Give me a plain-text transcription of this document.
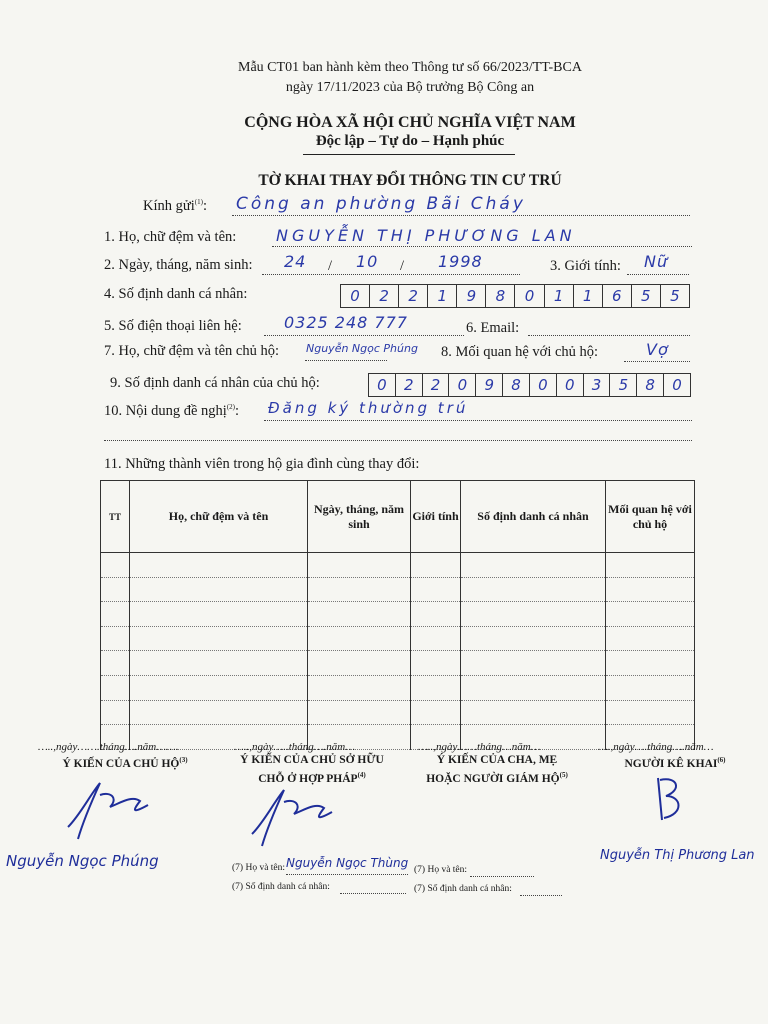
Mẫu CT01 ban hành kèm theo Thông tư số 66/2023/TT-BCA
ngày 17/11/2023 của Bộ trưởng Bộ Công an
CỘNG HÒA XÃ HỘI CHỦ NGHĨA VIỆT NAM
Độc lập – Tự do – Hạnh phúc
TỜ KHAI THAY ĐỔI THÔNG TIN CƯ TRÚ
Kính gửi$^{(1)}$: Công an phường Bãi Cháy
1. Họ, chữ đệm và tên: NGUYỄN THỊ PHƯƠNG LAN
2. Ngày, tháng, năm sinh: 24 / 10 / 1998	3. Giới tính: Nữ
4. Số định danh cá nhân:	0	2	2	1	9	8	0	1	1	6	5	5
5. Số điện thoại liên hệ:	0325 248 777	6. Email:
7. Họ, chữ đệm và tên chủ hộ: Nguyễn Ngọc Phúng 8. Mối quan hệ với chủ hộ:	Vợ
9. Số định danh cá nhân của chủ hộ:	0	2	2	0	9	8	0	0	3	5	8	0
10. Nội dung đề nghị$^{(2)}$: Đăng ký thường trú
11. Những thành viên trong hộ gia đình cùng thay đổi:
TT	Họ, chữ đệm và tên	Ngày, tháng, năm sinh	Giới tính	Số định danh cá nhân	Mối quan hệ với chủ hộ

…..,ngày…….tháng….năm…….
Ý KIẾN CỦA CHỦ HỘ$^{(3)}$
…..,ngày…..tháng….năm…
Ý KIẾN CỦA CHỦ SỞ HỮU
CHỖ Ở HỢP PHÁP$^{(4)}$
…..,ngày……tháng…năm…
Ý KIẾN CỦA CHA, MẸ
HOẶC NGƯỜI GIÁM HỘ$^{(5)}$
….,ngày….tháng….năm…
NGƯỜI KÊ KHAI$^{(6)}$
Nguyễn Ngọc Phúng	(7) Họ và tên: Nguyễn Ngọc Thùng
(7) Số định danh cá nhân:
(7) Họ và tên:
(7) Số định danh cá nhân:
Nguyễn Thị Phương Lan
